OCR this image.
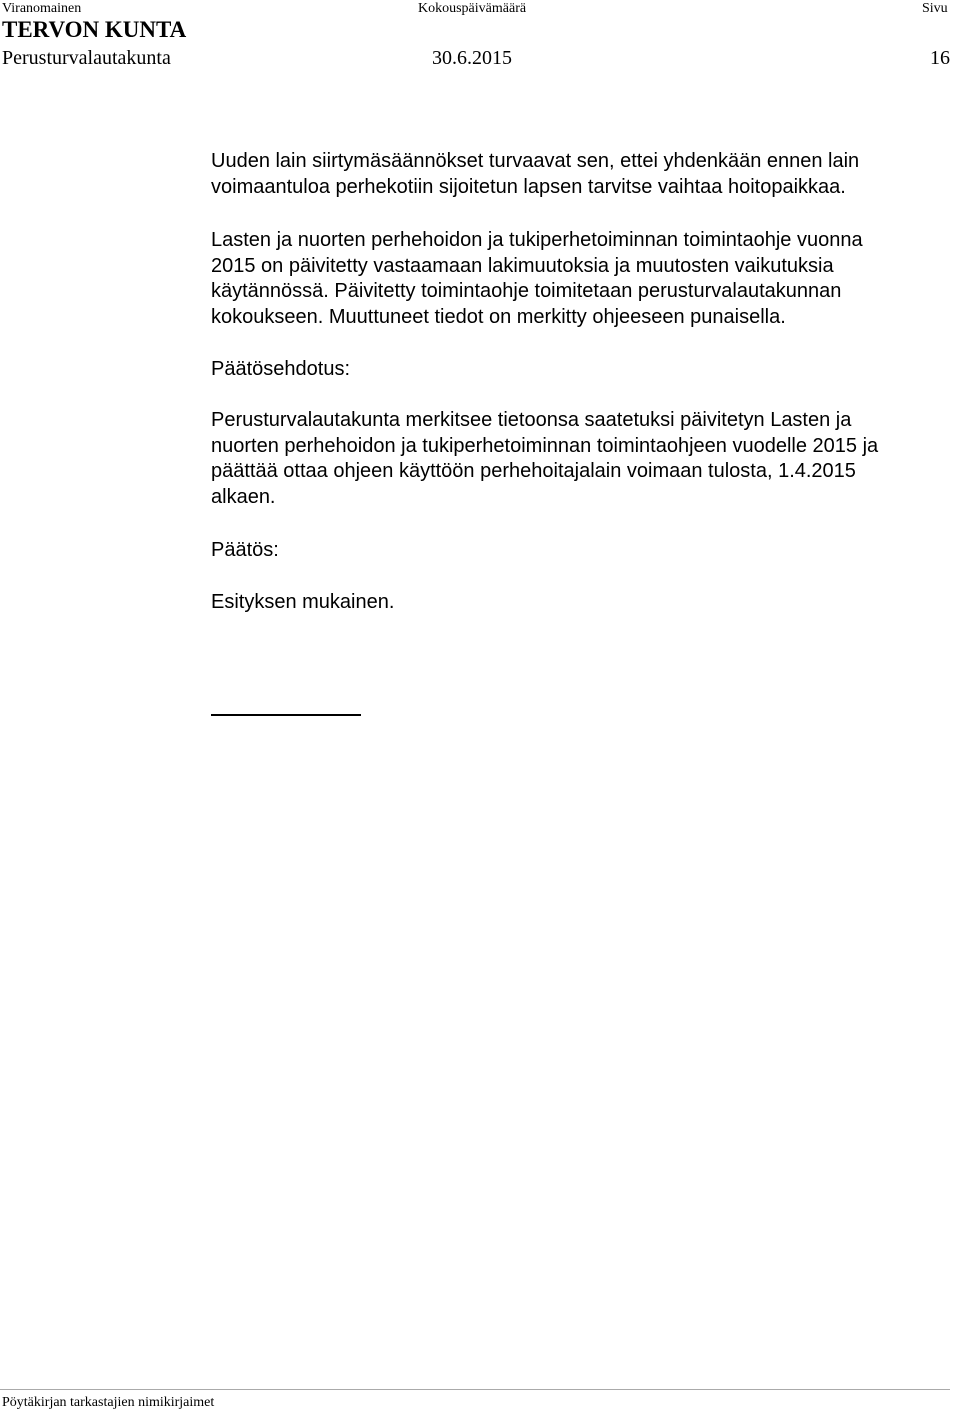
Viranomainen	Kokouspäivämäärä	Sivu
TERVON KUNTA
Perusturvalautakunta	30.6.2015	16

Uuden lain siirtymäsäännökset turvaavat sen, ettei yhdenkään ennen lain
voimaantuloa perhekotiin sijoitetun lapsen tarvitse vaihtaa hoitopaikkaa.

Lasten ja nuorten perhehoidon ja tukiperhetoiminnan toimintaohje vuonna
2015 on päivitetty vastaamaan lakimuutoksia ja muutosten vaikutuksia
käytännössä. Päivitetty toimintaohje toimitetaan perusturvalautakunnan
kokoukseen. Muuttuneet tiedot on merkitty ohjeeseen punaisella.

Päätösehdotus:

Perusturvalautakunta merkitsee tietoonsa saatetuksi päivitetyn Lasten ja
nuorten perhehoidon ja tukiperhetoiminnan toimintaohjeen vuodelle 2015 ja
päättää ottaa ohjeen käyttöön perhehoitajalain voimaan tulosta, 1.4.2015
alkaen.

Päätös:

Esityksen mukainen.

Pöytäkirjan tarkastajien nimikirjaimet
